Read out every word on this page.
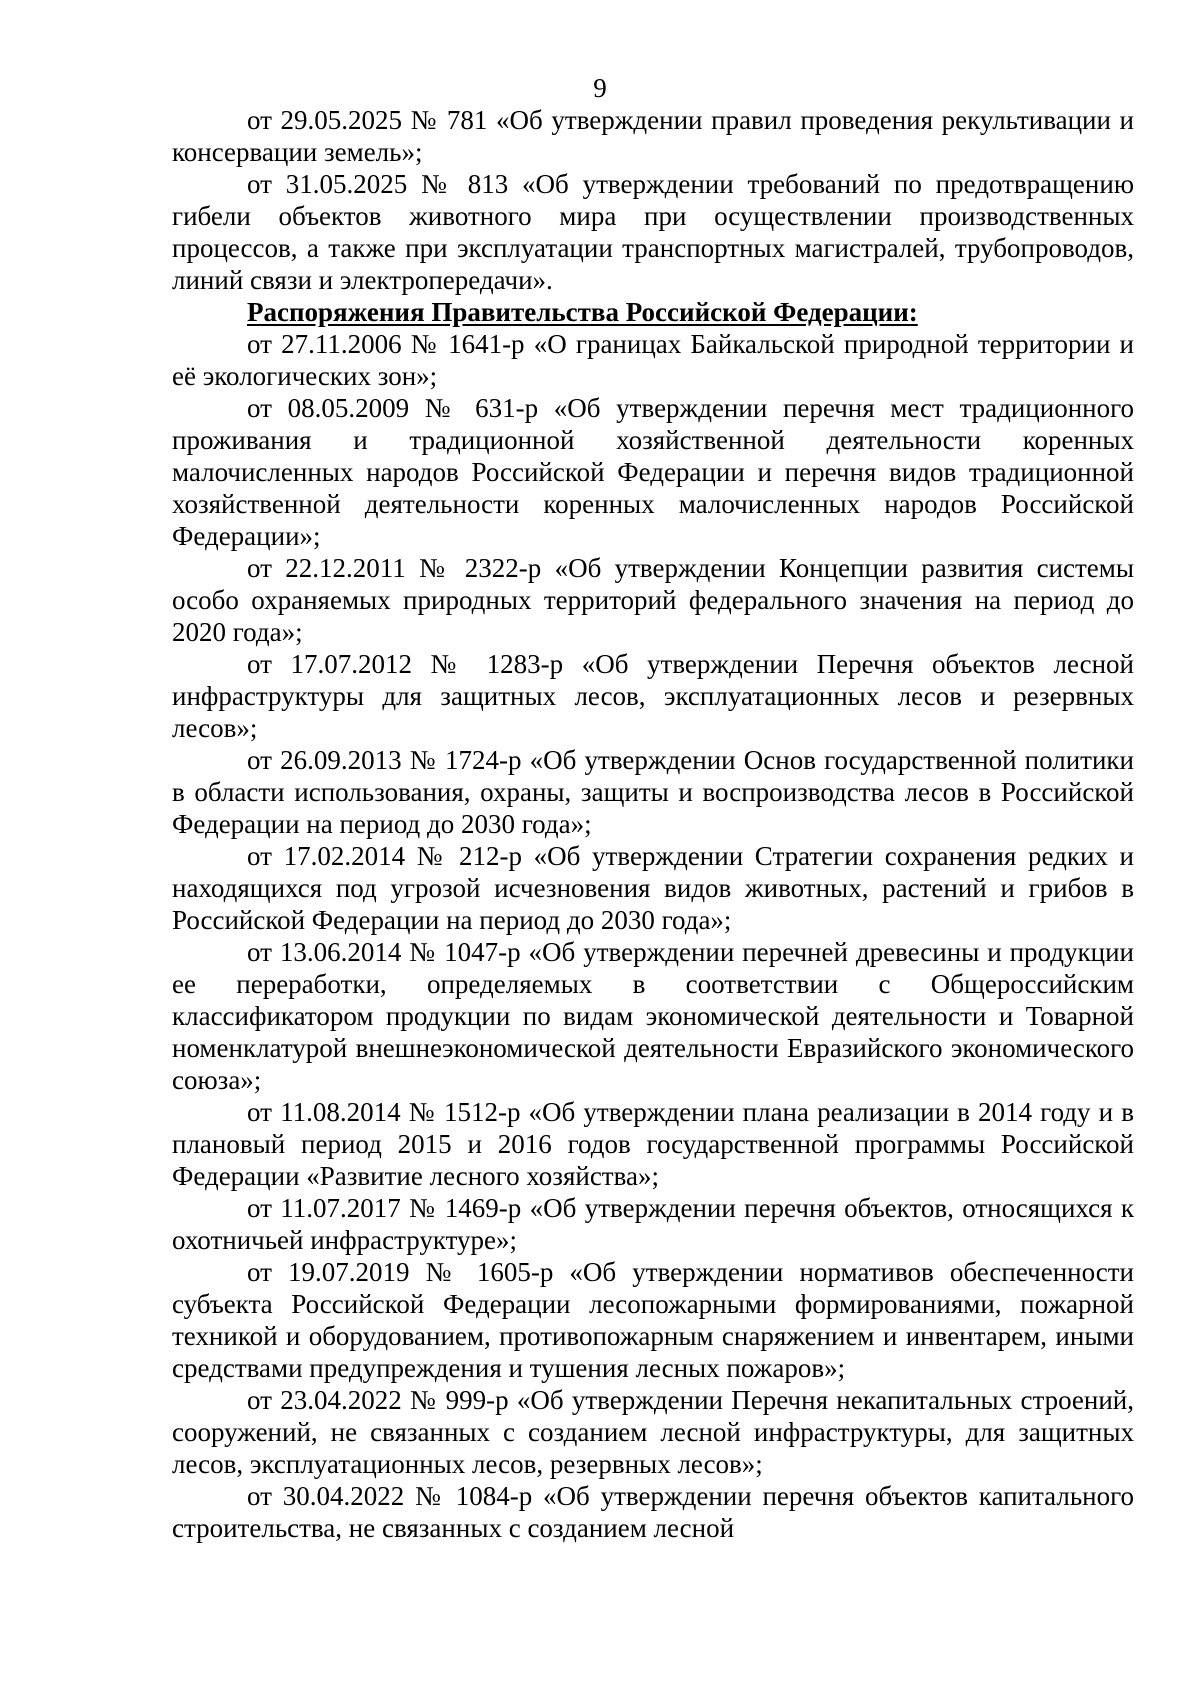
9

от 29.05.2025 № 781 «Об утверждении правил проведения рекультивации и консервации земель»;

от 31.05.2025 № 813 «Об утверждении требований по предотвращению гибели объектов животного мира при осуществлении производственных процессов, а также при эксплуатации транспортных магистралей, трубопроводов, линий связи и электропередачи».

Распоряжения Правительства Российской Федерации:

от 27.11.2006 № 1641-р «О границах Байкальской природной территории и её экологических зон»;

от 08.05.2009 № 631-р «Об утверждении перечня мест традиционного проживания и традиционной хозяйственной деятельности коренных малочисленных народов Российской Федерации и перечня видов традиционной хозяйственной деятельности коренных малочисленных народов Российской Федерации»;

от 22.12.2011 № 2322-р «Об утверждении Концепции развития системы особо охраняемых природных территорий федерального значения на период до 2020 года»;

от 17.07.2012 № 1283-р «Об утверждении Перечня объектов лесной инфраструктуры для защитных лесов, эксплуатационных лесов и резервных лесов»;

от 26.09.2013 № 1724-р «Об утверждении Основ государственной политики в области использования, охраны, защиты и воспроизводства лесов в Российской Федерации на период до 2030 года»;

от 17.02.2014 № 212-р «Об утверждении Стратегии сохранения редких и находящихся под угрозой исчезновения видов животных, растений и грибов в Российской Федерации на период до 2030 года»;

от 13.06.2014 № 1047-р «Об утверждении перечней древесины и продукции ее переработки, определяемых в соответствии с Общероссийским классификатором продукции по видам экономической деятельности и Товарной номенклатурой внешнеэкономической деятельности Евразийского экономического союза»;

от 11.08.2014 № 1512-р «Об утверждении плана реализации в 2014 году и в плановый период 2015 и 2016 годов государственной программы Российской Федерации «Развитие лесного хозяйства»;

от 11.07.2017 № 1469-р «Об утверждении перечня объектов, относящихся к охотничьей инфраструктуре»;

от 19.07.2019 № 1605-р «Об утверждении нормативов обеспеченности субъекта Российской Федерации лесопожарными формированиями, пожарной техникой и оборудованием, противопожарным снаряжением и инвентарем, иными средствами предупреждения и тушения лесных пожаров»;

от 23.04.2022 № 999-р «Об утверждении Перечня некапитальных строений, сооружений, не связанных с созданием лесной инфраструктуры, для защитных лесов, эксплуатационных лесов, резервных лесов»;

от 30.04.2022 № 1084-р «Об утверждении перечня объектов капитального строительства, не связанных с созданием лесной
